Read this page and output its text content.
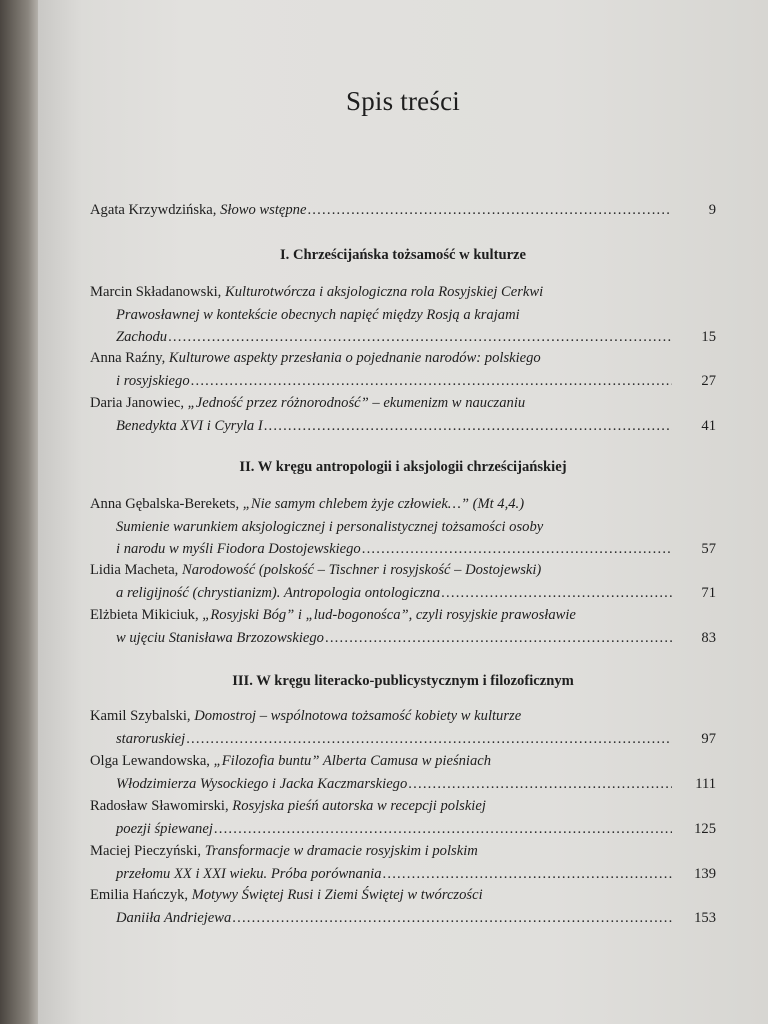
Spis treści
Agata Krzywdzińska, Słowo wstępne .....	9
I. Chrześcijańska tożsamość w kulturze
Marcin Składanowski, Kulturotwórcza i aksjologiczna rola Rosyjskiej Cerkwi
Prawosławnej w kontekście obecnych napięć między Rosją a krajami
Zachodu .....	15
Anna Raźny, Kulturowe aspekty przesłania o pojednanie narodów: polskiego
i rosyjskiego .....	27
Daria Janowiec, „Jedność przez różnorodność” – ekumenizm w nauczaniu
Benedykta XVI i Cyryla I .....	41
II. W kręgu antropologii i aksjologii chrześcijańskiej
Anna Gębalska-Berekets, „Nie samym chlebem żyje człowiek…” (Mt 4,4.)
Sumienie warunkiem aksjologicznej i personalistycznej tożsamości osoby
i narodu w myśli Fiodora Dostojewskiego .....	57
Lidia Macheta, Narodowość (polskość – Tischner i rosyjskość – Dostojewski)
a religijność (chrystianizm). Antropologia ontologiczna .....	71
Elżbieta Mikiciuk, „Rosyjski Bóg” i „lud-bogonośca”, czyli rosyjskie prawosławie
w ujęciu Stanisława Brzozowskiego .....	83
III. W kręgu literacko-publicystycznym i filozoficznym
Kamil Szybalski, Domostroj – wspólnotowa tożsamość kobiety w kulturze
staroruskiej .....	97
Olga Lewandowska, „Filozofia buntu” Alberta Camusa w pieśniach
Włodzimierza Wysockiego i Jacka Kaczmarskiego .....	111
Radosław Sławomirski, Rosyjska pieśń autorska w recepcji polskiej
poezji śpiewanej .....	125
Maciej Pieczyński, Transformacje w dramacie rosyjskim i polskim
przełomu XX i XXI wieku. Próba porównania .....	139
Emilia Hańczyk, Motywy Świętej Rusi i Ziemi Świętej w twórczości
Daniiła Andriejewa .....	153
